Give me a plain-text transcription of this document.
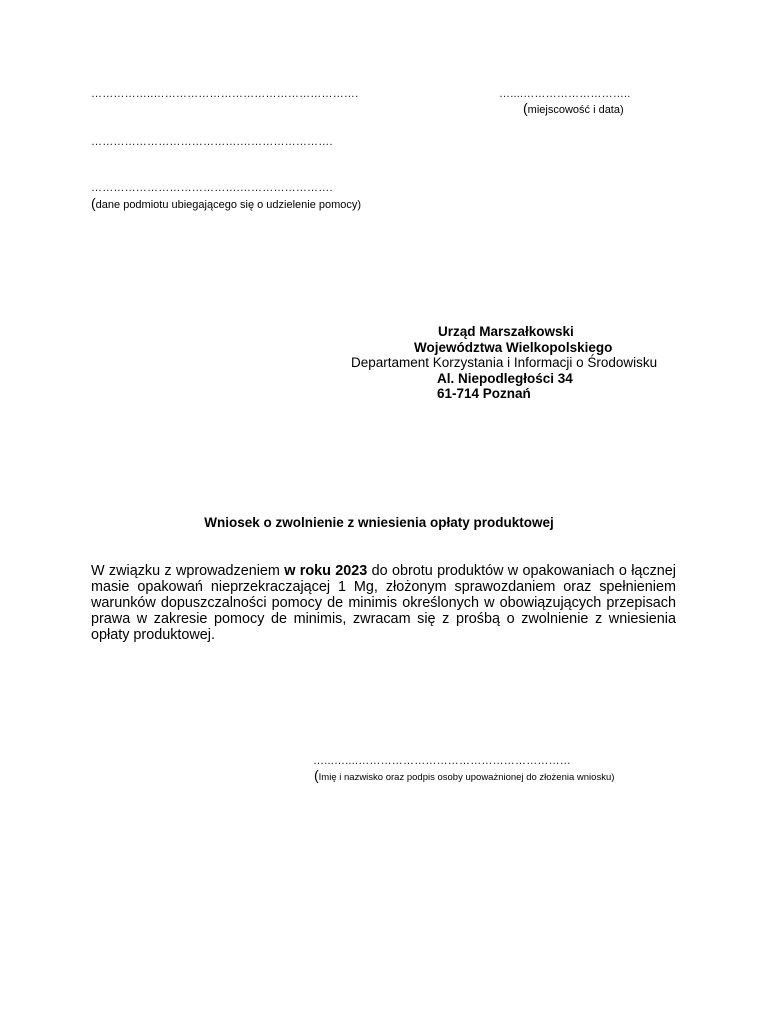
……………..……………………………………………….
………………………………….…………………….
………………………………….…………………….
(dane podmiotu ubiegającego się o udzielenie pomocy)
…....………………………..
(miejscowość i data)
Urząd Marszałkowski
Województwa Wielkopolskiego
Departament Korzystania i Informacji o Środowisku
Al. Niepodległości 34
61-714 Poznań
Wniosek o zwolnienie z wniesienia opłaty produktowej
W związku z wprowadzeniem w roku 2023 do obrotu produktów w opakowaniach o łącznej
masie opakowań nieprzekraczającej 1 Mg, złożonym sprawozdaniem oraz spełnieniem
warunków dopuszczalności pomocy de minimis określonych w obowiązujących przepisach
prawa w zakresie pomocy de minimis, zwracam się z prośbą o zwolnienie z wniesienia
opłaty produktowej.
…...…....…………………………………………………
(Imię i nazwisko oraz podpis osoby upoważnionej do złożenia wniosku)
